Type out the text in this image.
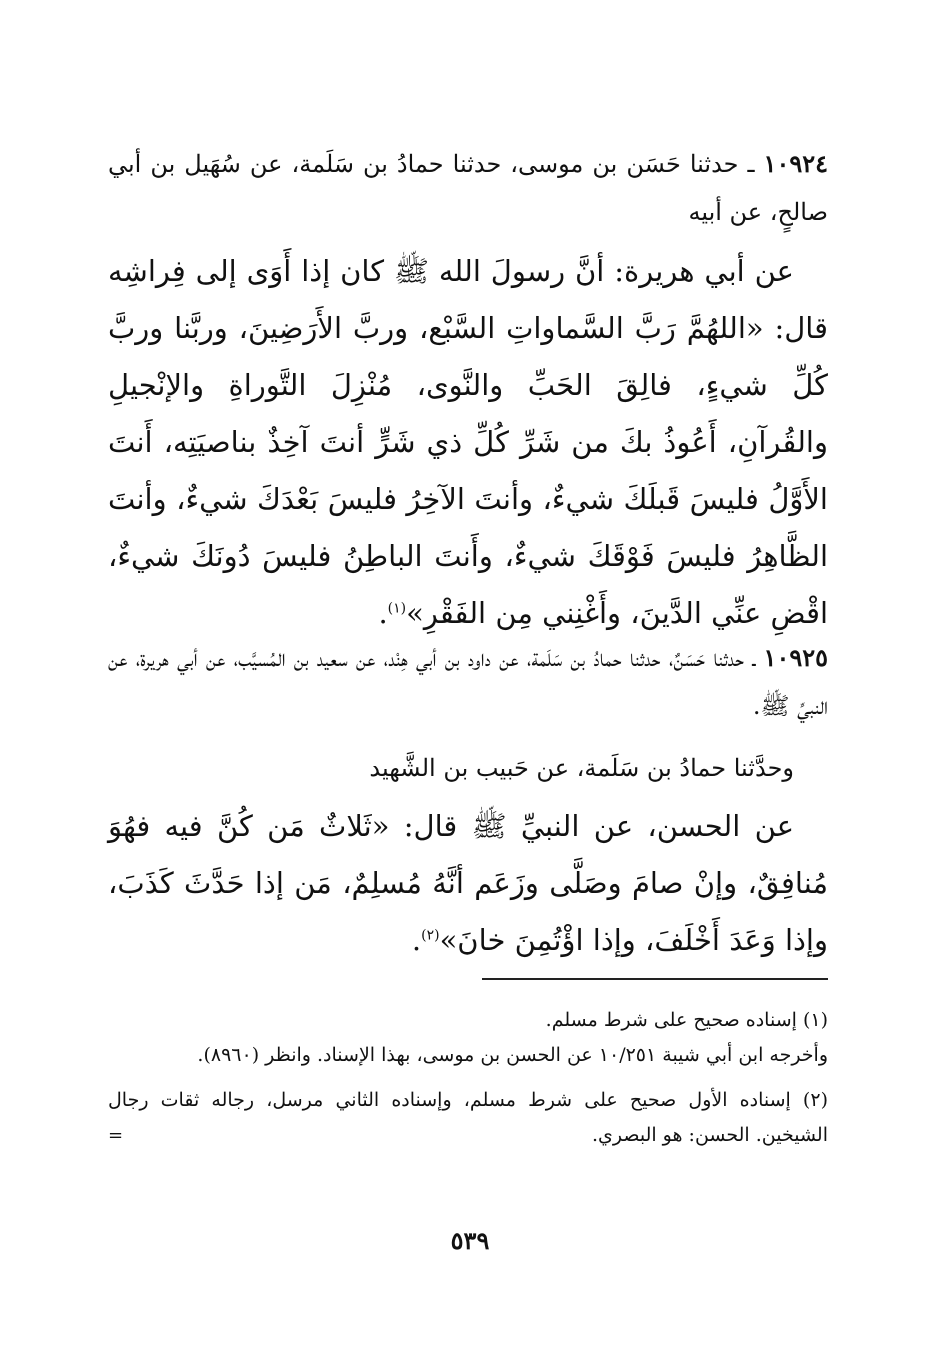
١٠٩٢٤ ـ حدثنا حَسَن بن موسى، حدثنا حمادُ بن سَلَمة، عن سُهَيل بن أبي صالحٍ، عن أبيه
عن أبي هريرة: أنَّ رسولَ الله ﷺ كان إذا أَوَى إلى فِراشِه قال: «اللهُمَّ رَبَّ السَّماواتِ السَّبْع، وربَّ الأَرَضِينَ، وربَّنا وربَّ كُلِّ شيءٍ، فالِقَ الحَبِّ والنَّوى، مُنْزِلَ التَّوراةِ والإنْجيلِ والقُرآنِ، أَعُوذُ بكَ من شَرِّ كُلِّ ذي شَرٍّ أنتَ آخِذٌ بناصيَتِه، أَنتَ الأَوَّلُ فليسَ قَبلَكَ شيءٌ، وأنتَ الآخِرُ فليسَ بَعْدَكَ شيءٌ، وأنتَ الظَّاهِرُ فليسَ فَوْقَكَ شيءٌ، وأَنتَ الباطِنُ فليسَ دُونَكَ شيءٌ، اقْضِ عنِّي الدَّينَ، وأَغْنِني مِن الفَقْرِ»$^{(١)}$.
١٠٩٢٥ ـ حدثنا حَسَنٌ، حدثنا حمادُ بن سَلَمة، عن داود بن أبي هِنْد، عن سعيد بن المُسيَّب، عن أبي هريرة، عن النبيِّ ﷺ.
وحدَّثنا حمادُ بن سَلَمة، عن حَبيب بن الشَّهيد
عن الحسن، عن النبيِّ ﷺ قال: «ثَلاثٌ مَن كُنَّ فيه فهُوَ مُنافِقٌ، وإنْ صامَ وصَلَّى وزَعَم أنَّهُ مُسلِمٌ، مَن إذا حَدَّثَ كَذَبَ، وإذا وَعَدَ أَخْلَفَ، وإذا اؤْتُمِنَ خانَ»$^{(٢)}$.

(١) إسناده صحيح على شرط مسلم.

وأخرجه ابن أبي شيبة ١٠/٢٥١ عن الحسن بن موسى، بهذا الإسناد. وانظر (٨٩٦٠).

(٢) إسناده الأول صحيح على شرط مسلم، وإسناده الثاني مرسل، رجاله ثقات رجال الشيخين. الحسن: هو البصري.
=

٥٣٩
